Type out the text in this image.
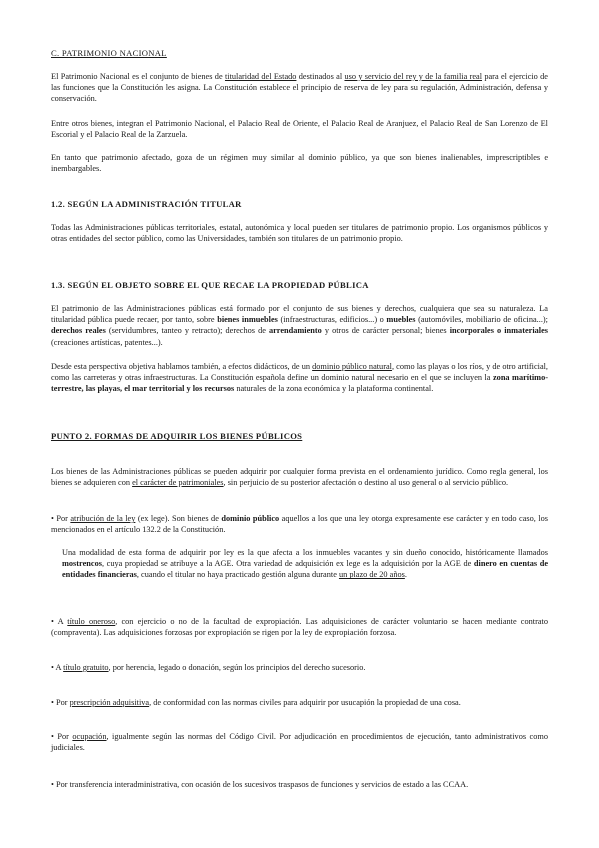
C. PATRIMONIO NACIONAL

El Patrimonio Nacional es el conjunto de bienes de titularidad del Estado destinados al uso y servicio del rey y de la familia real para el ejercicio de las funciones que la Constitución les asigna. La Constitución establece el principio de reserva de ley para su regulación, Administración, defensa y conservación.

Entre otros bienes, integran el Patrimonio Nacional, el Palacio Real de Oriente, el Palacio Real de Aranjuez, el Palacio Real de San Lorenzo de El Escorial y el Palacio Real de la Zarzuela.

En tanto que patrimonio afectado, goza de un régimen muy similar al dominio público, ya que son bienes inalienables, imprescriptibles e inembargables.

1.2. SEGÚN LA ADMINISTRACIÓN TITULAR

Todas las Administraciones públicas territoriales, estatal, autonómica y local pueden ser titulares de patrimonio propio. Los organismos públicos y otras entidades del sector público, como las Universidades, también son titulares de un patrimonio propio.

1.3. SEGÚN EL OBJETO SOBRE EL QUE RECAE LA PROPIEDAD PÚBLICA

El patrimonio de las Administraciones públicas está formado por el conjunto de sus bienes y derechos, cualquiera que sea su naturaleza. La titularidad pública puede recaer, por tanto, sobre bienes inmuebles (infraestructuras, edificios...) o muebles (automóviles, mobiliario de oficina...); derechos reales (servidumbres, tanteo y retracto); derechos de arrendamiento y otros de carácter personal; bienes incorporales o inmateriales (creaciones artísticas, patentes...).

Desde esta perspectiva objetiva hablamos también, a efectos didácticos, de un dominio público natural, como las playas o los ríos, y de otro artificial, como las carreteras y otras infraestructuras. La Constitución española define un dominio natural necesario en el que se incluyen la zona marítimo-terrestre, las playas, el mar territorial y los recursos naturales de la zona económica y la plataforma continental.

PUNTO 2. FORMAS DE ADQUIRIR LOS BIENES PÚBLICOS

Los bienes de las Administraciones públicas se pueden adquirir por cualquier forma prevista en el ordenamiento jurídico. Como regla general, los bienes se adquieren con el carácter de patrimoniales, sin perjuicio de su posterior afectación o destino al uso general o al servicio público.

• Por atribución de la ley (ex lege). Son bienes de dominio público aquellos a los que una ley otorga expresamente ese carácter y en todo caso, los mencionados en el artículo 132.2 de la Constitución.

Una modalidad de esta forma de adquirir por ley es la que afecta a los inmuebles vacantes y sin dueño conocido, históricamente llamados mostrencos, cuya propiedad se atribuye a la AGE. Otra variedad de adquisición ex lege es la adquisición por la AGE de dinero en cuentas de entidades financieras, cuando el titular no haya practicado gestión alguna durante un plazo de 20 años.

• A título oneroso, con ejercicio o no de la facultad de expropiación. Las adquisiciones de carácter voluntario se hacen mediante contrato (compraventa). Las adquisiciones forzosas por expropiación se rigen por la ley de expropiación forzosa.

• A título gratuito, por herencia, legado o donación, según los principios del derecho sucesorio.

• Por prescripción adquisitiva, de conformidad con las normas civiles para adquirir por usucapión la propiedad de una cosa.

• Por ocupación, igualmente según las normas del Código Civil. Por adjudicación en procedimientos de ejecución, tanto administrativos como judiciales.

• Por transferencia interadministrativa, con ocasión de los sucesivos traspasos de funciones y servicios de estado a las CCAA.
